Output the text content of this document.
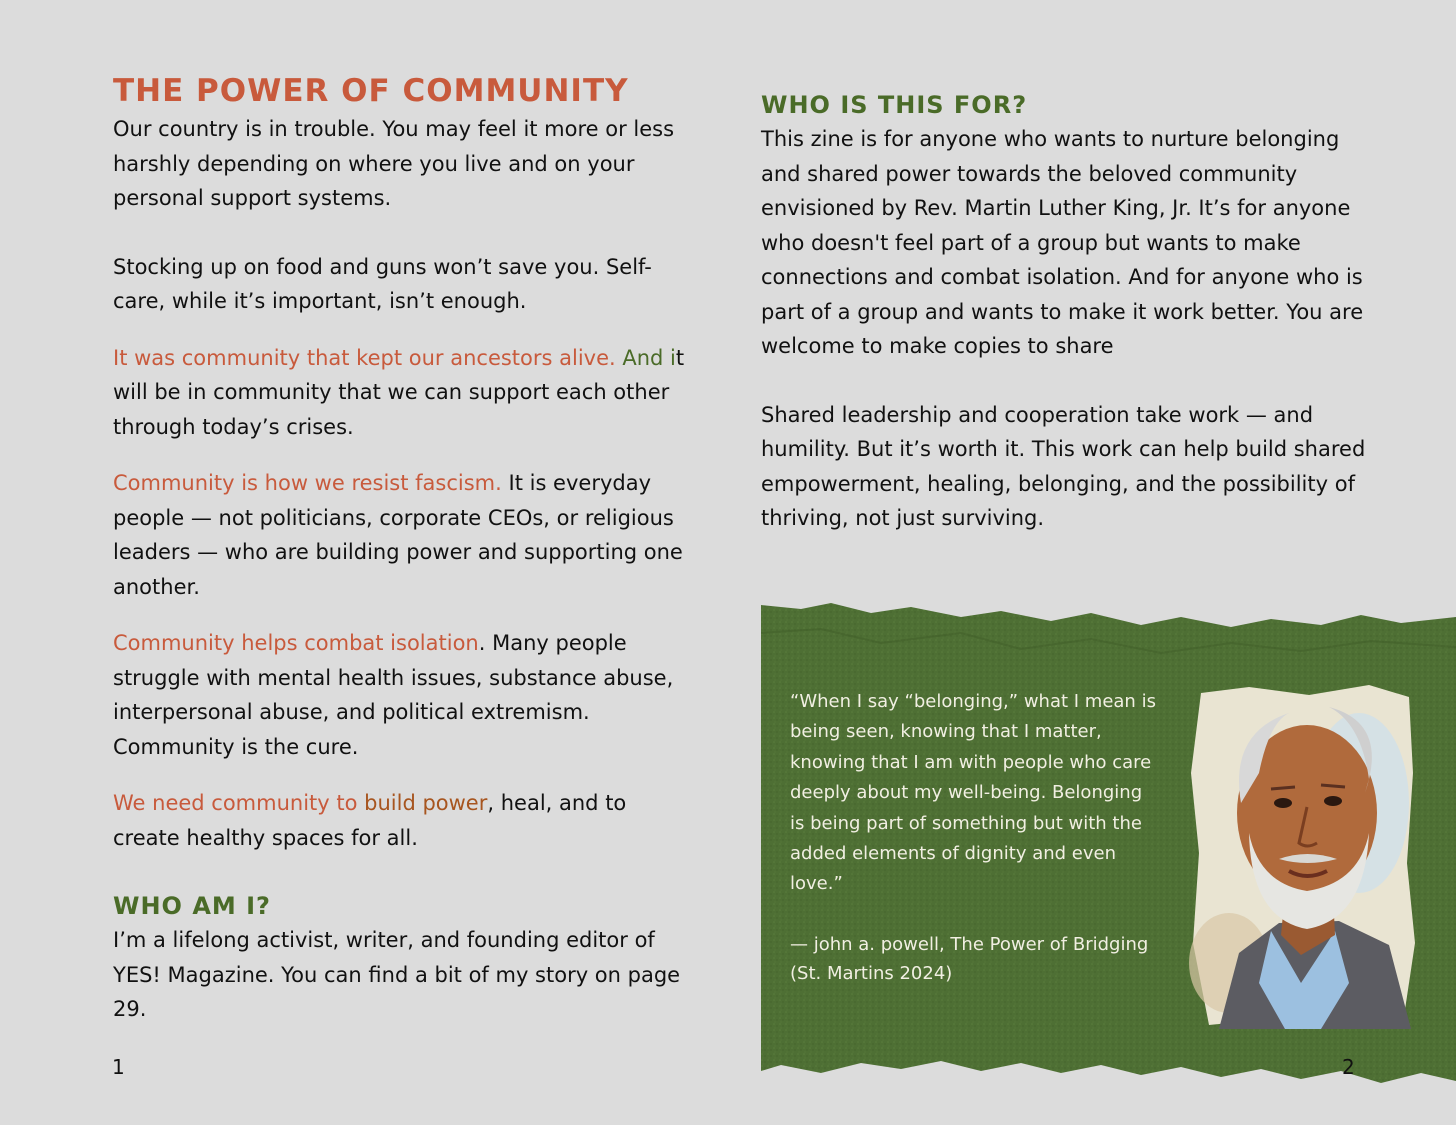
THE POWER OF COMMUNITY

Our country is in trouble. You may feel it more or less harshly depending on where you live and on your personal support systems.

Stocking up on food and guns won’t save you. Self-care, while it’s important, isn’t enough.

It was community that kept our ancestors alive. And it will be in community that we can support each other through today’s crises.

Community is how we resist fascism. It is everyday people — not politicians, corporate CEOs, or religious leaders — who are building power and supporting one another.

Community helps combat isolation. Many people struggle with mental health issues, substance abuse, interpersonal abuse, and political extremism. Community is the cure.

We need community to build power, heal, and to create healthy spaces for all.

WHO AM I?

I’m a lifelong activist, writer, and founding editor of YES! Magazine. You can find a bit of my story on page 29.

1
WHO IS THIS FOR?

This zine is for anyone who wants to nurture belonging and shared power towards the beloved community envisioned by Rev. Martin Luther King, Jr. It’s for anyone who doesn't feel part of a group but wants to make connections and combat isolation. And for anyone who is part of a group and wants to make it work better. You are welcome to make copies to share

Shared leadership and cooperation take work — and humility. But it’s worth it. This work can help build shared empowerment, healing, belonging, and the possibility of thriving, not just surviving.

“When I say “belonging,” what I mean is being seen, knowing that I matter, knowing that I am with people who care deeply about my well-being. Belonging is being part of something but with the added elements of dignity and even love.”
— john a. powell, The Power of Bridging
(St. Martins 2024)
2
